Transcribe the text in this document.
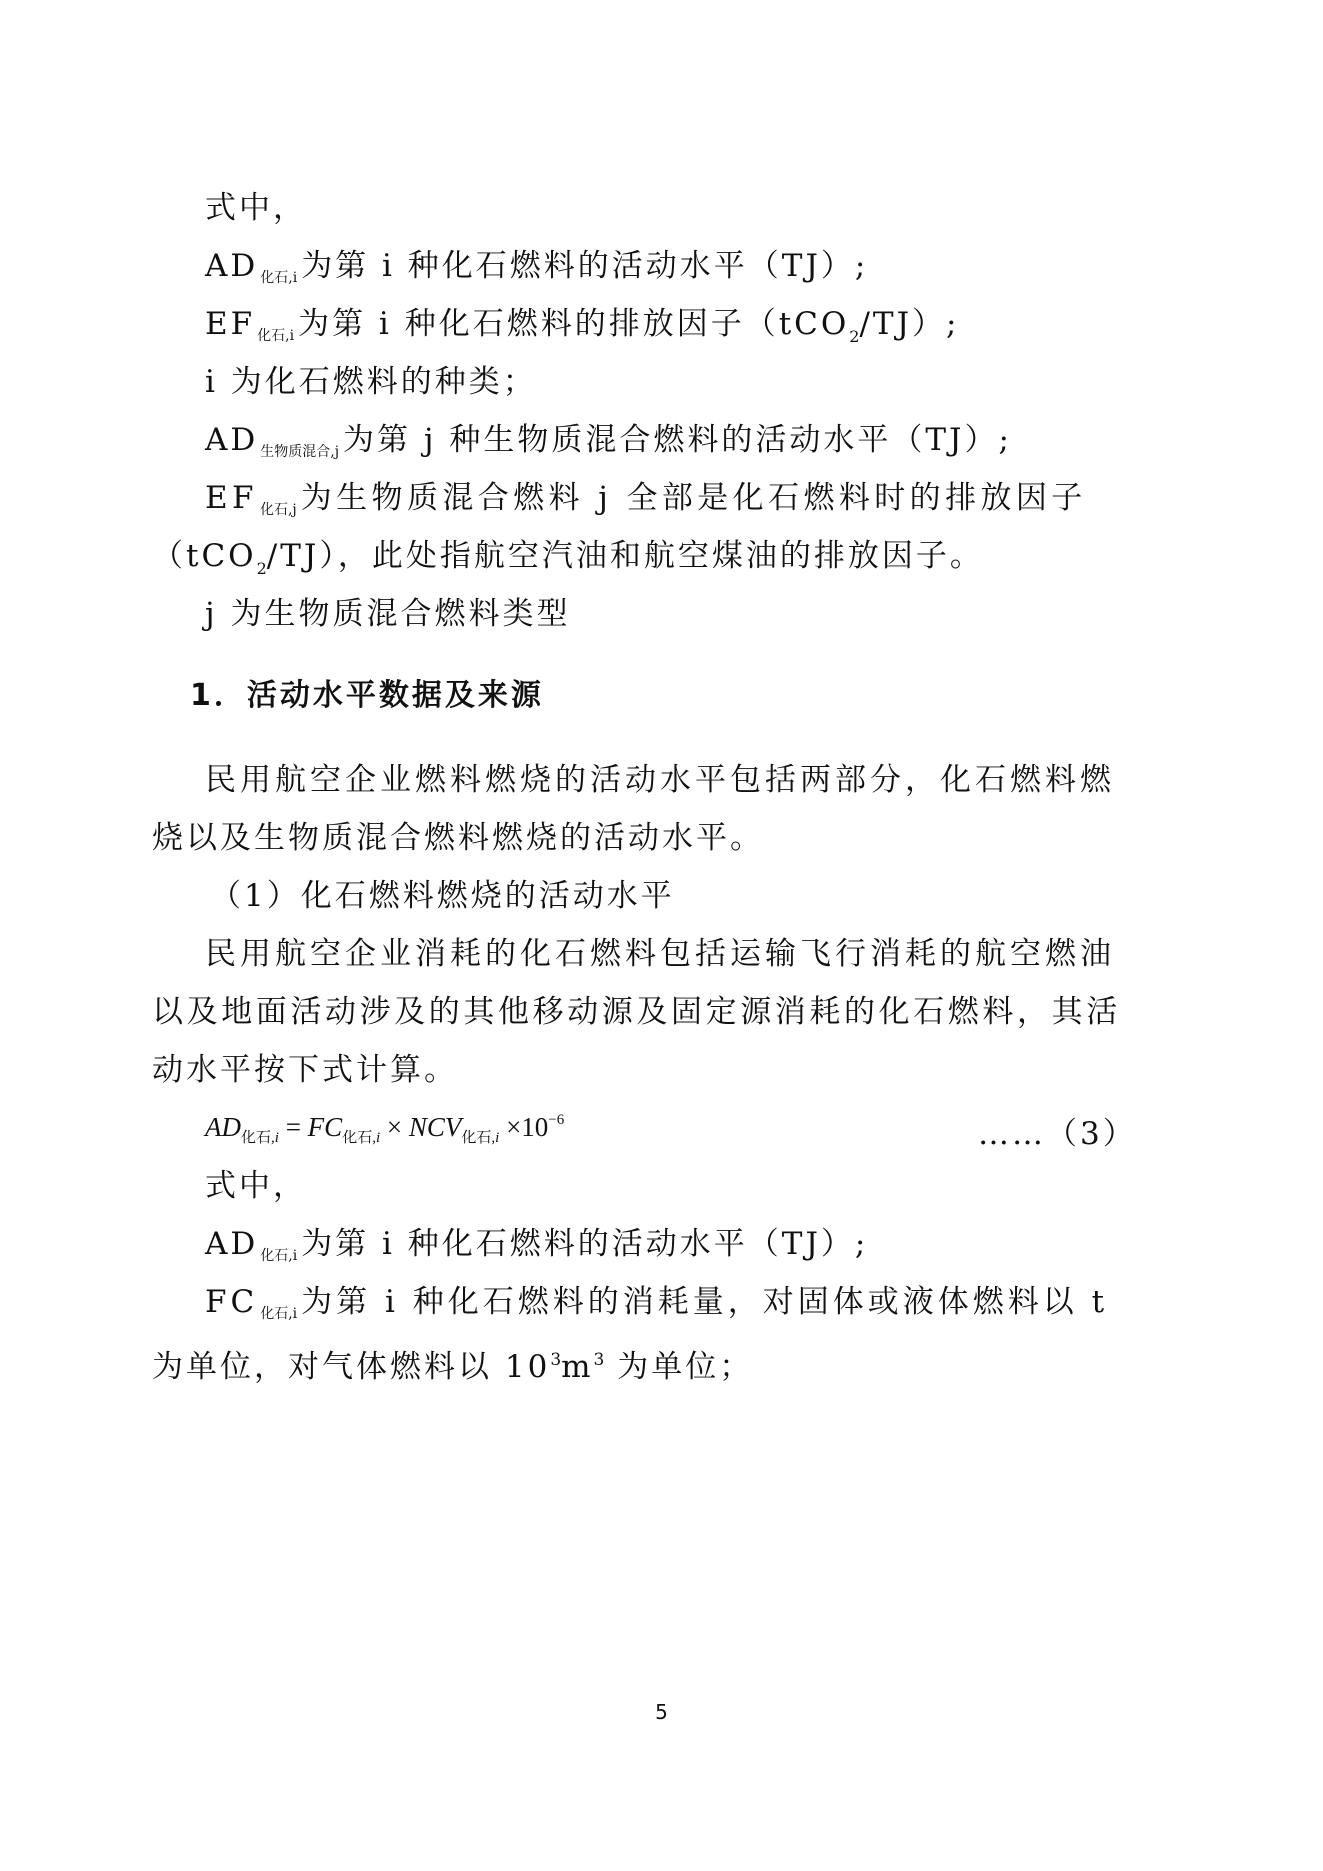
式中，
AD $_{化石,i}$ 为第 i 种化石燃料的活动水平（TJ）;
EF $_{化石,i}$ 为第 i 种化石燃料的排放因子（tCO$_2$/TJ）;
i 为化石燃料的种类；
AD $_{生物质混合,j}$ 为第 j 种生物质混合燃料的活动水平（TJ）;
EF $_{化石,j}$ 为生物质混合燃料 j 全部是化石燃料时的排放因子
（tCO$_2$/TJ），此处指航空汽油和航空煤油的排放因子。
j 为生物质混合燃料类型
1．活动水平数据及来源
民用航空企业燃料燃烧的活动水平包括两部分，化石燃料燃
烧以及生物质混合燃料燃烧的活动水平。
（1）化石燃料燃烧的活动水平
民用航空企业消耗的化石燃料包括运输飞行消耗的航空燃油
以及地面活动涉及的其他移动源及固定源消耗的化石燃料，其活
动水平按下式计算。
$AD_{化石,i} = FC_{化石,i} \times NCV_{化石,i} \times 10^{-6}$	……（3）
式中，
AD $_{化石,i}$ 为第 i 种化石燃料的活动水平（TJ）;
FC $_{化石,i}$ 为第 i 种化石燃料的消耗量，对固体或液体燃料以 t
为单位，对气体燃料以 $10^3m^3$ 为单位；
5
